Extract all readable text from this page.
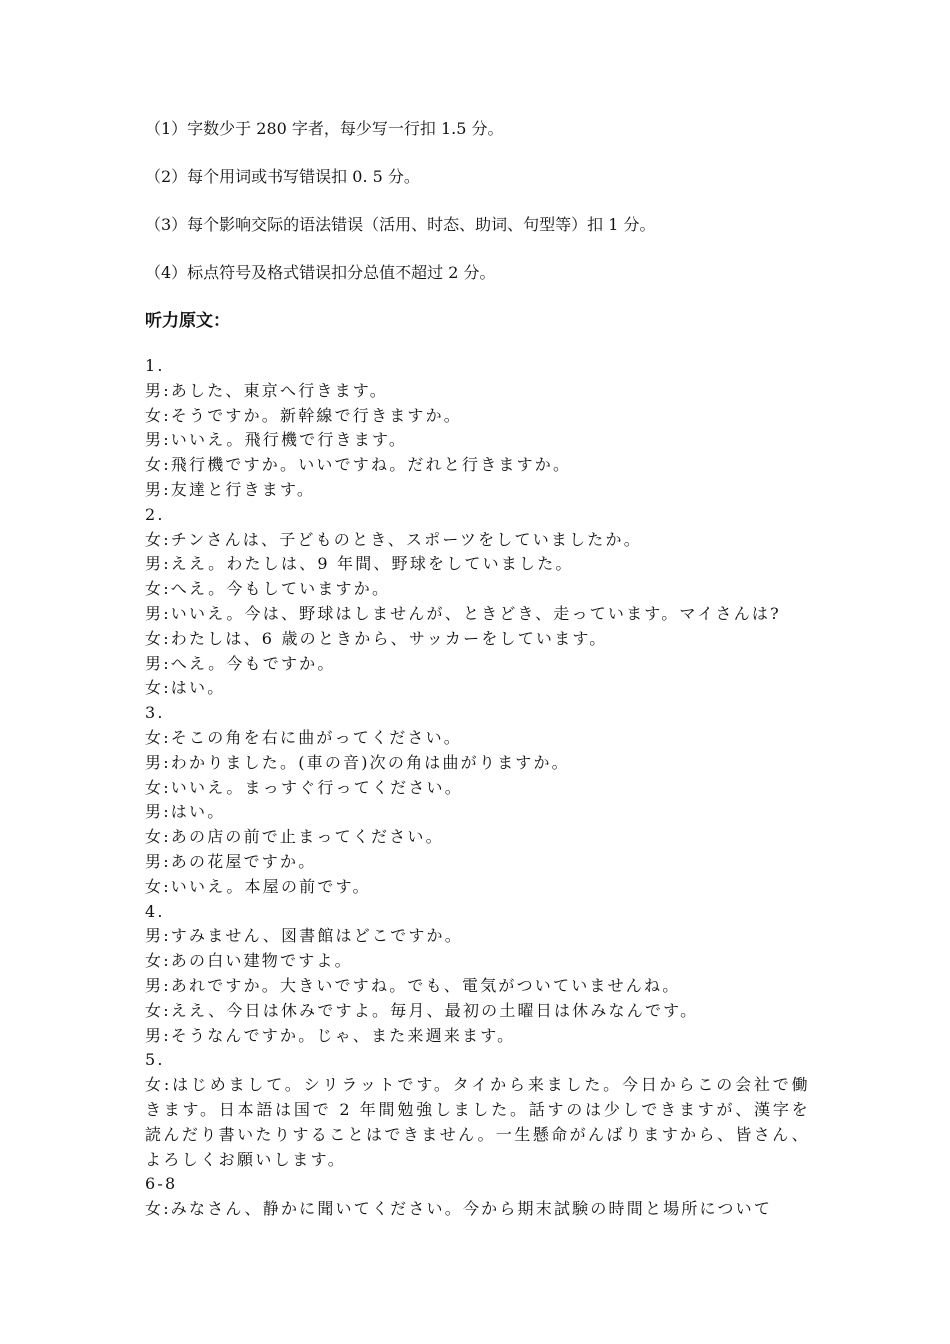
（1）字数少于 280 字者，每少写一行扣 1.5 分。
（2）每个用词或书写错误扣 0. 5 分。
（3）每个影响交际的语法错误（活用、时态、助词、句型等）扣 1 分。
（4）标点符号及格式错误扣分总值不超过 2 分。
听力原文：
1.
男:あした、東京へ行きます。
女:そうですか。新幹線で行きますか。
男:いいえ。飛行機で行きます。
女:飛行機ですか。いいですね。だれと行きますか。
男:友達と行きます。
2.
女:チンさんは、子どものとき、スポーツをしていましたか。
男:ええ。わたしは、9 年間、野球をしていました。
女:へえ。今もしていますか。
男:いいえ。今は、野球はしませんが、ときどき、走っています。マイさんは?
女:わたしは、6 歳のときから、サッカーをしています。
男:へえ。今もですか。
女:はい。
3.
女:そこの角を右に曲がってください。
男:わかりました。(車の音)次の角は曲がりますか。
女:いいえ。まっすぐ行ってください。
男:はい。
女:あの店の前で止まってください。
男:あの花屋ですか。
女:いいえ。本屋の前です。
4.
男:すみません、図書館はどこですか。
女:あの白い建物ですよ。
男:あれですか。大きいですね。でも、電気がついていませんね。
女:ええ、今日は休みですよ。毎月、最初の土曜日は休みなんです。
男:そうなんですか。じゃ、また来週来ます。
5.
女:はじめまして。シリラットです。タイから来ました。今日からこの会社で働きます。日本語は国で 2 年間勉強しました。話すのは少しできますが、漢字を読んだり書いたりすることはできません。一生懸命がんばりますから、皆さん、よろしくお願いします。
6-8
女:みなさん、静かに聞いてください。今から期末試験の時間と場所について
